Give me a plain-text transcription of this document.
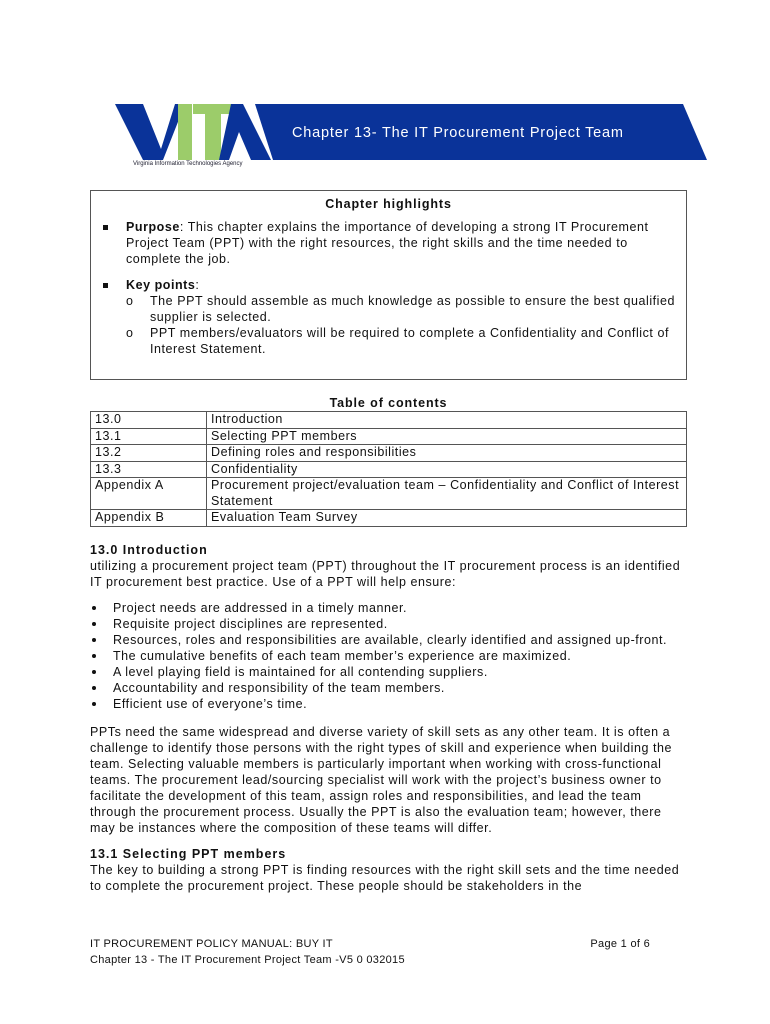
Chapter 13- The IT Procurement Project Team
Virginia Information Technologies Agency
Chapter highlights
Purpose: This chapter explains the importance of developing a strong IT Procurement Project Team (PPT) with the right resources, the right skills and the time needed to complete the job.
Key points:
o The PPT should assemble as much knowledge as possible to ensure the best qualified supplier is selected.
o PPT members/evaluators will be required to complete a Confidentiality and Conflict of Interest Statement.
Table of contents
13.0	Introduction
13.1	Selecting PPT members
13.2	Defining roles and responsibilities
13.3	Confidentiality
Appendix A	Procurement project/evaluation team – Confidentiality and Conflict of Interest Statement
Appendix B	Evaluation Team Survey
13.0 Introduction

utilizing a procurement project team (PPT) throughout the IT procurement process is an identified IT procurement best practice. Use of a PPT will help ensure:

Project needs are addressed in a timely manner.
Requisite project disciplines are represented.
Resources, roles and responsibilities are available, clearly identified and assigned up-front.
The cumulative benefits of each team member’s experience are maximized.
A level playing field is maintained for all contending suppliers.
Accountability and responsibility of the team members.
Efficient use of everyone’s time.

PPTs need the same widespread and diverse variety of skill sets as any other team. It is often a challenge to identify those persons with the right types of skill and experience when building the team. Selecting valuable members is particularly important when working with cross-functional teams. The procurement lead/sourcing specialist will work with the project’s business owner to facilitate the development of this team, assign roles and responsibilities, and lead the team through the procurement process. Usually the PPT is also the evaluation team; however, there may be instances where the composition of these teams will differ.

13.1 Selecting PPT members

The key to building a strong PPT is finding resources with the right skill sets and the time needed to complete the procurement project. These people should be stakeholders in the

IT PROCUREMENT POLICY MANUAL: BUY IT
Chapter 13 - The IT Procurement Project Team -V5 0 032015
Page 1 of 6
